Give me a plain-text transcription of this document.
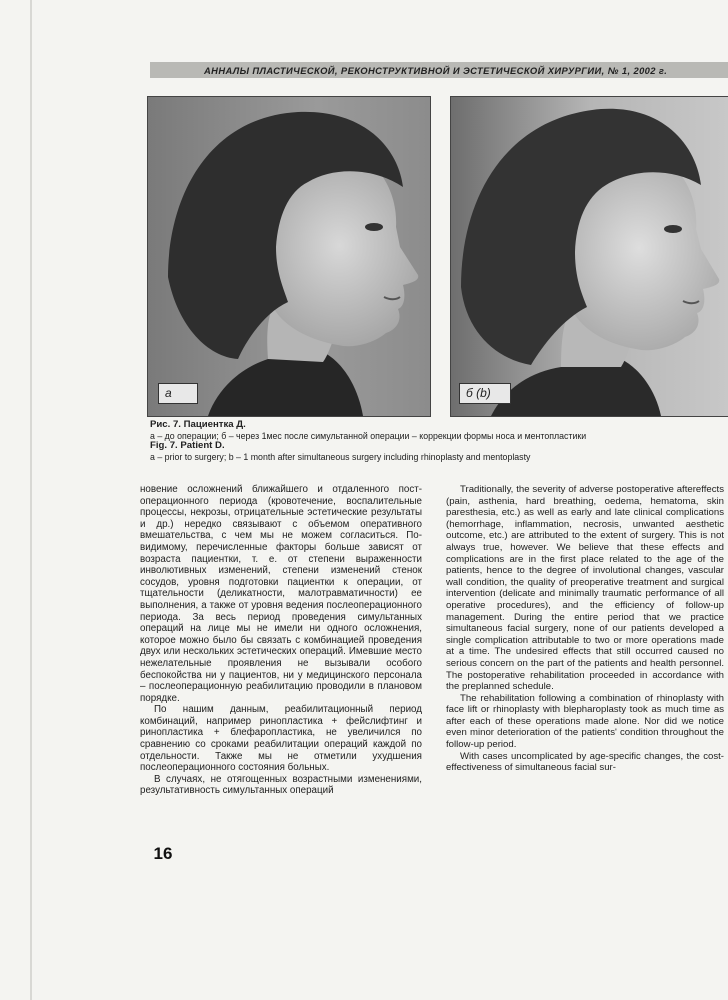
АННАЛЫ ПЛАСТИЧЕСКОЙ, РЕКОНСТРУКТИВНОЙ И ЭСТЕТИЧЕСКОЙ ХИРУРГИИ, № 1, 2002 г.
а	б (b)
Рис. 7. Пациентка Д.
а – до операции; б – через 1мес после симультанной операции – коррекции формы носа и ментопластики
Fig. 7. Patient D.
a – prior to surgery; b – 1 month after simultaneous surgery including rhinoplasty and mentoplasty

новение осложнений ближайшего и отдаленного пост-операционного периода (кровотечение, воспалительные процессы, некрозы, отрицательные эстетические результаты и др.) нередко связывают с объемом оперативного вмешательства, с чем мы не можем согласиться. По-видимому, перечисленные факторы больше зависят от возраста пациентки, т. е. от степени выраженности инволютивных изменений, степени изменений стенок сосудов, уровня подготовки пациентки к операции, от тщательности (деликатности, малотравматичности) ее выполнения, а также от уровня ведения послеоперационного периода. За весь период проведения симультанных операций на лице мы не имели ни одного осложнения, которое можно было бы связать с комбинацией проведения двух или нескольких эстетических операций. Имевшие место нежелательные проявления не вызывали особого беспокойства ни у пациентов, ни у медицинского персонала – послеоперационную реабилитацию проводили в плановом порядке.

По нашим данным, реабилитационный период комбинаций, например ринопластика + фейслифтинг и ринопластика + блефаропластика, не увеличился по сравнению со сроками реабилитации операций каждой по отдельности. Также мы не отметили ухудшения послеоперационного состояния больных.

В случаях, не отягощенных возрастными изменениями, результативность симультанных операций

Traditionally, the severity of adverse postoperative aftereffects (pain, asthenia, hard breathing, oedema, hematoma, skin paresthesia, etc.) as well as early and late clinical complications (hemorrhage, inflammation, necrosis, unwanted aesthetic outcome, etc.) are attributed to the extent of surgery. This is not always true, however. We believe that these effects and complications are in the first place related to the age of the patients, hence to the degree of involutional changes, vascular wall condition, the quality of preoperative treatment and surgical intervention (delicate and minimally traumatic performance of all operative procedures), and the efficiency of follow-up management. During the entire period that we practice simultaneous facial surgery, none of our patients developed a single complication attributable to two or more operations made at a time. The undesired effects that still occurred caused no serious concern on the part of the patients and health personnel. The postoperative rehabilitation proceeded in accordance with the preplanned schedule.

The rehabilitation following a combination of rhinoplasty with face lift or rhinoplasty with blepharoplasty took as much time as after each of these operations made alone. Nor did we notice even minor deterioration of the patients' condition throughout the follow-up period.

With cases uncomplicated by age-specific changes, the cost-effectiveness of simultaneous facial sur-

16
